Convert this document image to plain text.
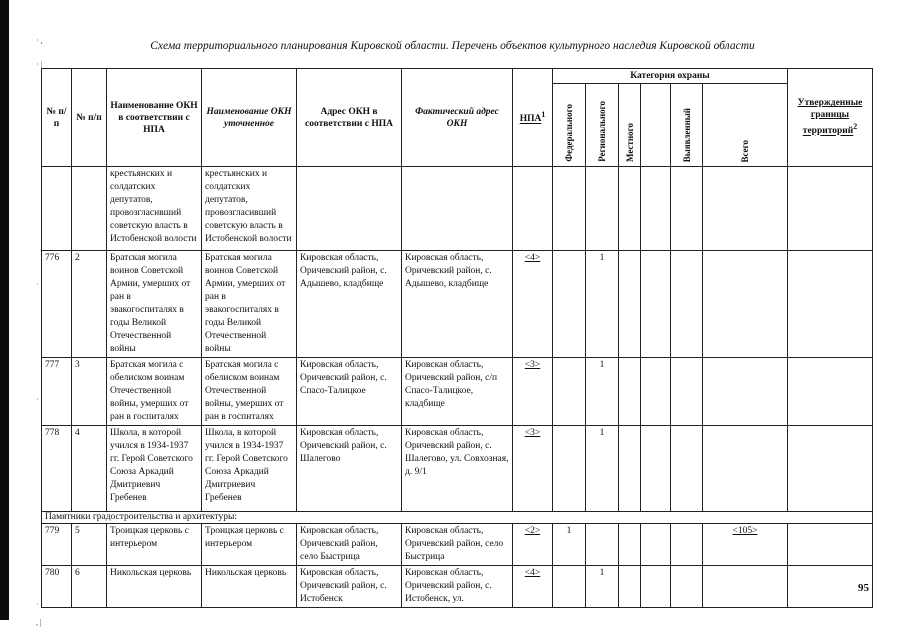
· ,
· |
·
·
· ·
, |
Схема территориального планирования Кировской области. Перечень объектов культурного наследия Кировской области
№ п/п	№ п/п	Наименование ОКН в соответствии с НПА	Наименование ОКН уточненное	Адрес ОКН в соответствии с НПА	Фактический адрес ОКН	НПА$^1$	Категория охраны						Утвержденные границы территорий$^2$	
							Федерального	Регионального	Местного		Выявленный	Всего		
		крестьянских и солдатских депутатов, провозгласивший советскую власть в Истобенской волости	крестьянских и солдатских депутатов, провозгласивший советскую власть в Истобенской волости											
776	2	Братская могила воинов Советской Армии, умерших от ран в эвакогоспиталях в годы Великой Отечественной войны	Братская могила воинов Советской Армии, умерших от ран в эвакогоспиталях в годы Великой Отечественной войны	Кировская область, Оричевский район, с. Адышево, кладбище	Кировская область, Оричевский район, с. Адышево, кладбище	<4>		1						
777	3	Братская могила с обелиском воинам Отечественной войны, умерших от ран в госпиталях	Братская могила с обелиском воинам Отечественной войны, умерших от ран в госпиталях	Кировская область, Оричевский район, с. Спасо-Талицкое	Кировская область, Оричевский район, с/п Спасо-Талицкое, кладбище	<3>		1						
778	4	Школа, в которой учился в 1934-1937 гг. Герой Советского Союза Аркадий Дмитриевич Гребенев	Школа, в которой учился в 1934-1937 гг. Герой Советского Союза Аркадий Дмитриевич Гребенев	Кировская область, Оричевский район, с. Шалегово	Кировская область, Оричевский район, с. Шалегово, ул. Совхозная, д. 9/1	<3>		1						
Памятники градостроительства и архитектуры:														
779	5	Троицкая церковь с интерьером	Троицкая церковь с интерьером	Кировская область, Оричевский район, село Быстрица	Кировская область, Оричевский район, село Быстрица	<2>	1					<105>		
780	6	Никольская церковь	Никольская церковь	Кировская область, Оричевский район, с. Истобенск	Кировская область, Оричевский район, с. Истобенск, ул.	<4>		1						
95
